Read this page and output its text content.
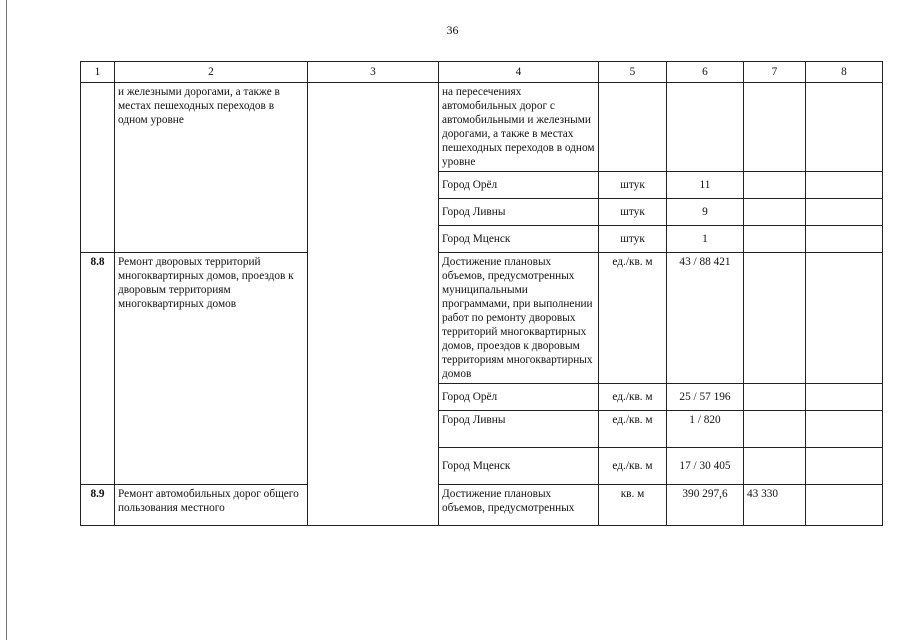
36
1	2	3	4	5	6	7	8
	и железными дорогами, а также в местах пешеходных переходов в одном уровне		на пересечениях автомобильных дорог с автомобильными и железными дорогами, а также в местах пешеходных переходов в одном уровне				
			Город Орёл	штук	11		
			Город Ливны	штук	9		
			Город Мценск	штук	1		
8.8	Ремонт дворовых территорий многоквартирных домов, проездов к дворовым территориям многоквартирных домов		Достижение плановых объемов, предусмотренных муниципальными программами, при выполнении работ по ремонту дворовых территорий многоквартирных домов, проездов к дворовым территориям многоквартирных домов	ед./кв. м	43 / 88 421		
			Город Орёл	ед./кв. м	25 / 57 196		
			Город Ливны	ед./кв. м	1 / 820		
			Город Мценск	ед./кв. м	17 / 30 405		
8.9	Ремонт автомобильных дорог общего пользования местного		Достижение плановых объемов, предусмотренных	кв. м	390 297,6	43 330	
